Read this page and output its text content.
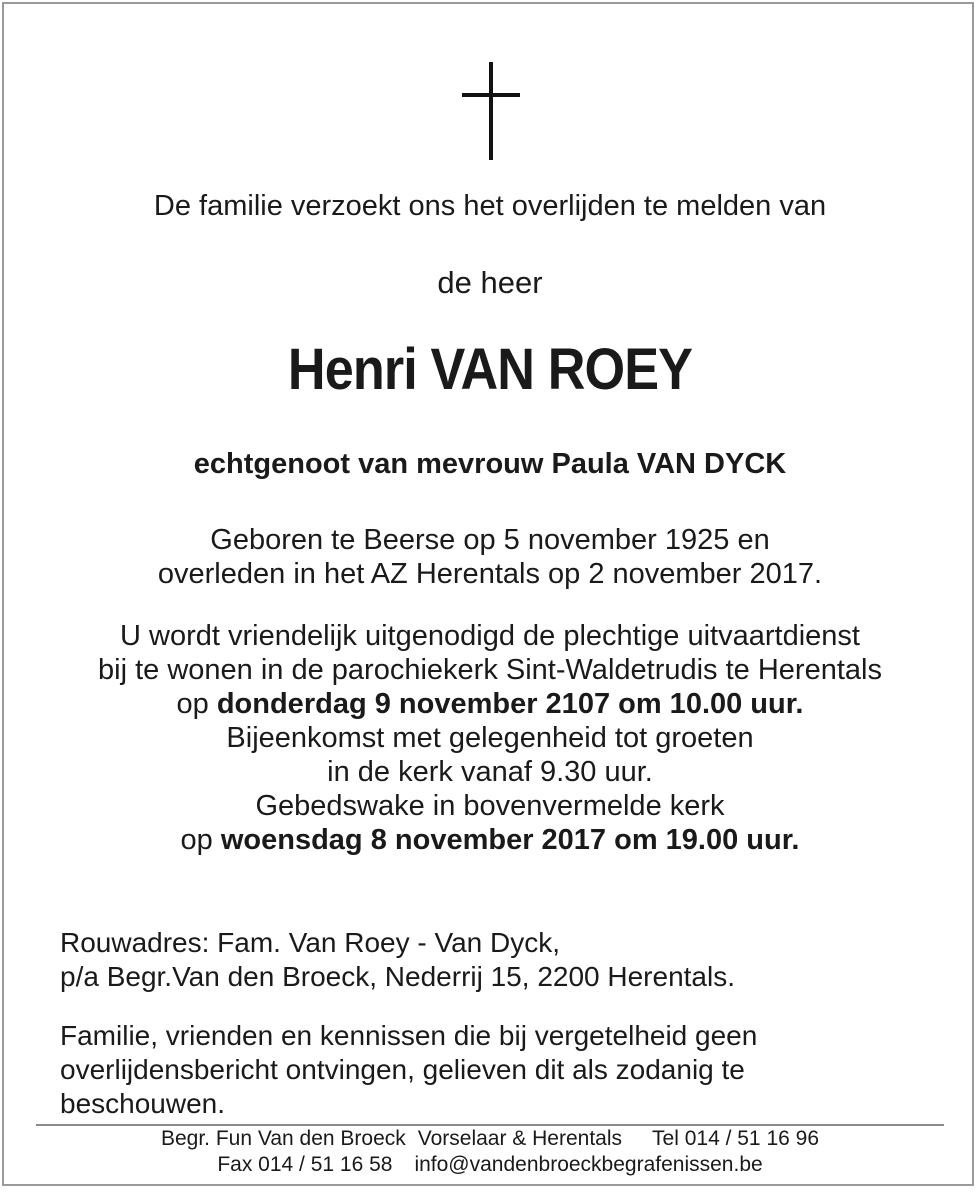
De familie verzoekt ons het overlijden te melden van
de heer
Henri VAN ROEY
echtgenoot van mevrouw Paula VAN DYCK
Geboren te Beerse op 5 november 1925 en
overleden in het AZ Herentals op 2 november 2017.
U wordt vriendelijk uitgenodigd de plechtige uitvaartdienst
bij te wonen in de parochiekerk Sint-Waldetrudis te Herentals
op donderdag 9 november 2107 om 10.00 uur.
Bijeenkomst met gelegenheid tot groeten
in de kerk vanaf 9.30 uur.
Gebedswake in bovenvermelde kerk
op woensdag 8 november 2017 om 19.00 uur.
Rouwadres: Fam. Van Roey - Van Dyck,
p/a Begr.Van den Broeck, Nederrij 15, 2200 Herentals.
Familie, vrienden en kennissen die bij vergetelheid geen
overlijdensbericht ontvingen, gelieven dit als zodanig te
beschouwen.
Begr. Fun Van den Broeck Vorselaar & Herentals Tel 014 / 51 16 96
Fax 014 / 51 16 58 info@vandenbroeckbegrafenissen.be
